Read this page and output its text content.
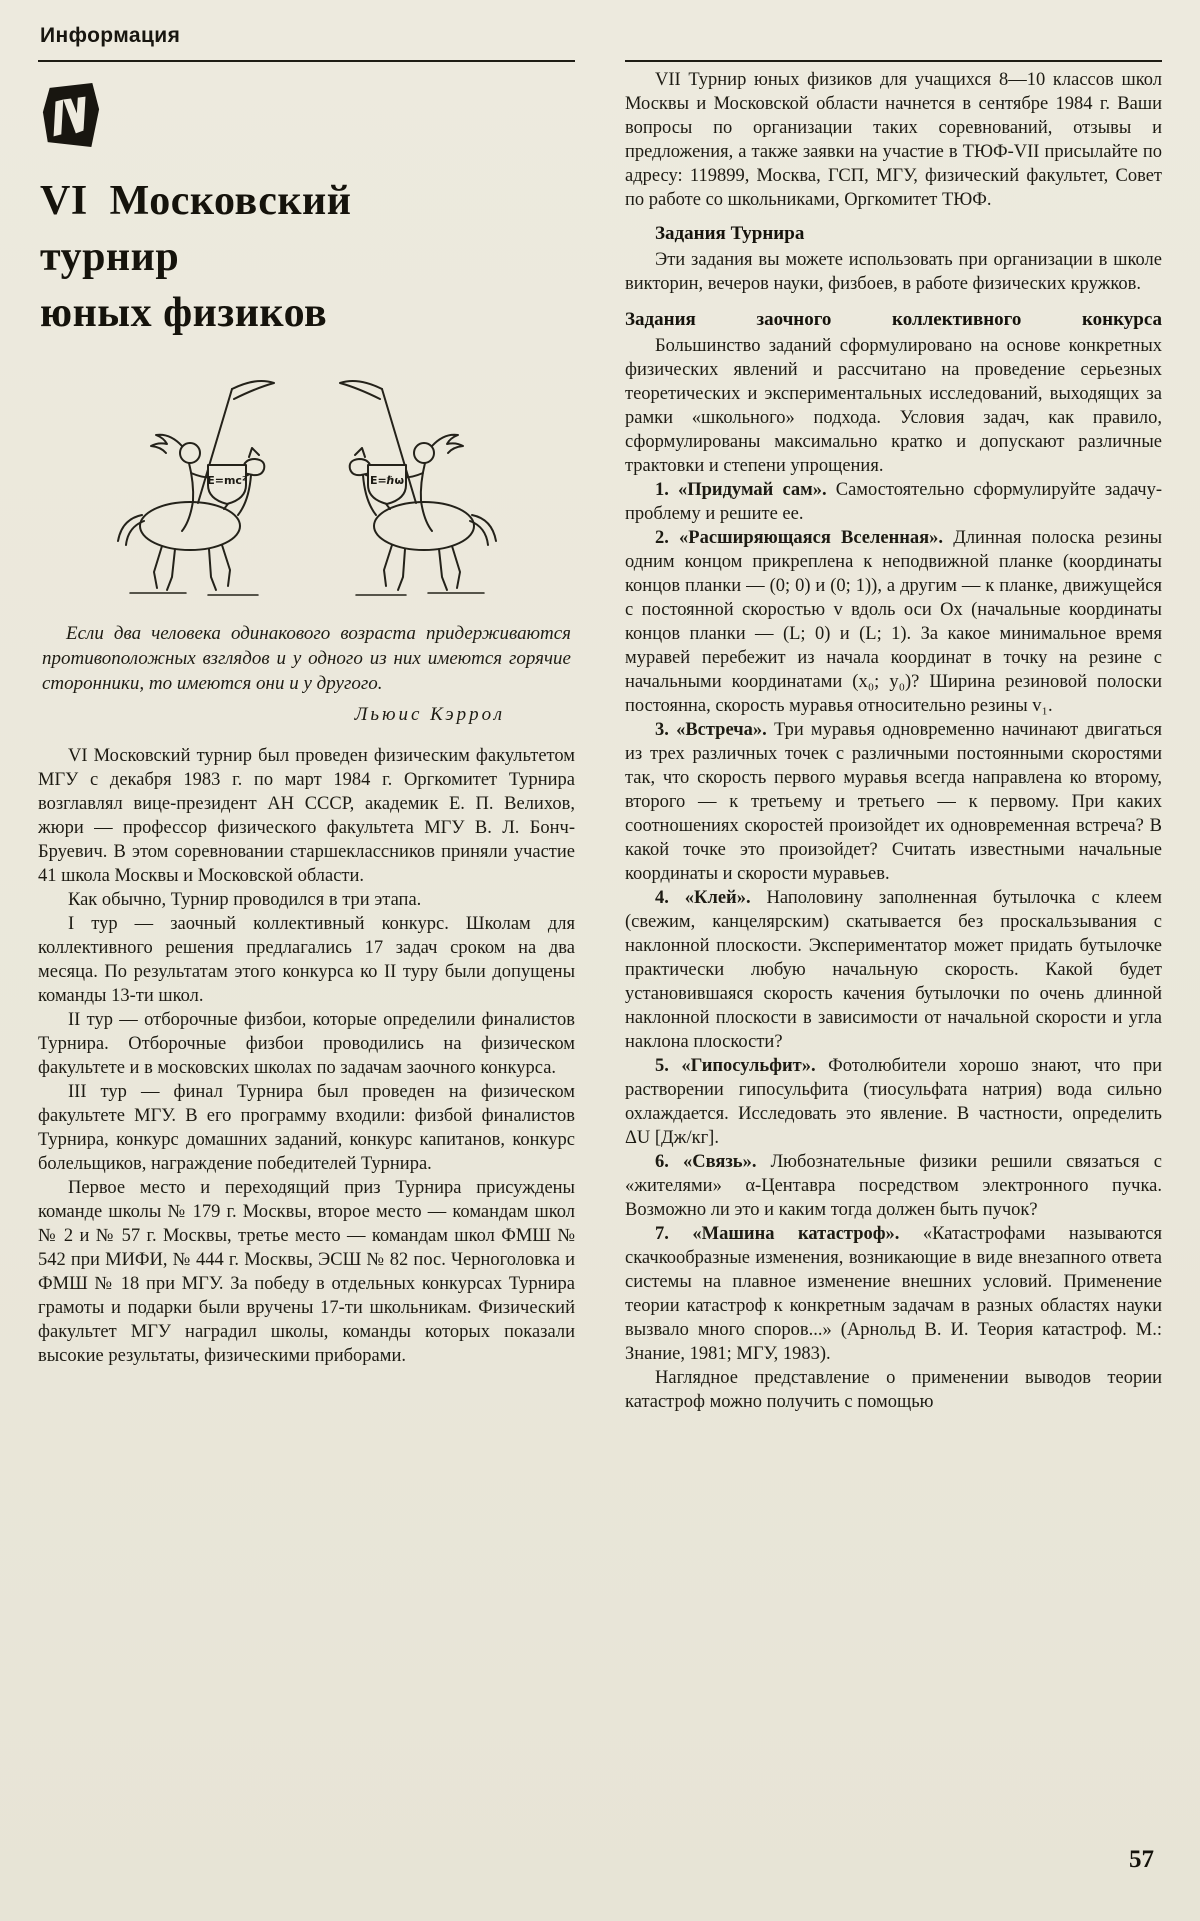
Информация
VI  Московский
турнир
юных физиков
E=mc²	E=ℏω

Если два человека одинакового возраста придерживаются противоположных взглядов и у одного из них имеются горячие сторонники, то имеются они и у другого.

Льюис Кэррол

VI Московский турнир был проведен физическим факультетом МГУ с декабря 1983 г. по март 1984 г. Оргкомитет Турнира возглавлял вице-президент АН СССР, академик Е. П. Велихов, жюри — профессор физического факультета МГУ В. Л. Бонч-Бруевич. В этом соревновании старшеклассников приняли участие 41 школа Москвы и Московской области.

Как обычно, Турнир проводился в три этапа.

I тур — заочный коллективный конкурс. Школам для коллективного решения предлагались 17 задач сроком на два месяца. По результатам этого конкурса ко II туру были допущены команды 13-ти школ.

II тур — отборочные физбои, которые определили финалистов Турнира. Отборочные физбои проводились на физическом факультете и в московских школах по задачам заочного конкурса.

III тур — финал Турнира был проведен на физическом факультете МГУ. В его программу входили: физбой финалистов Турнира, конкурс домашних заданий, конкурс капитанов, конкурс болельщиков, награждение победителей Турнира.

Первое место и переходящий приз Турнира присуждены команде школы № 179 г. Москвы, второе место — командам школ № 2 и № 57 г. Москвы, третье место — командам школ ФМШ № 542 при МИФИ, № 444 г. Москвы, ЭСШ № 82 пос. Черноголовка и ФМШ № 18 при МГУ. За победу в отдельных конкурсах Турнира грамоты и подарки были вручены 17-ти школьникам. Физический факультет МГУ наградил школы, команды которых показали высокие результаты, физическими приборами.

VII Турнир юных физиков для учащихся 8—10 классов школ Москвы и Московской области начнется в сентябре 1984 г. Ваши вопросы по организации таких соревнований, отзывы и предложения, а также заявки на участие в ТЮФ-VII присылайте по адресу: 119899, Москва, ГСП, МГУ, физический факультет, Совет по работе со школьниками, Оргкомитет ТЮФ.

Задания Турнира

Эти задания вы можете использовать при организации в школе викторин, вечеров науки, физбоев, в работе физических кружков.

Задания заочного коллективного конкурса

Большинство заданий сформулировано на основе конкретных физических явлений и рассчитано на проведение серьезных теоретических и экспериментальных исследований, выходящих за рамки «школьного» подхода. Условия задач, как правило, сформулированы максимально кратко и допускают различные трактовки и степени упрощения.

1. «Придумай сам». Самостоятельно сформулируйте задачу-проблему и решите ее.

2. «Расширяющаяся Вселенная». Длинная полоска резины одним концом прикреплена к неподвижной планке (координаты концов планки — (0; 0) и (0; 1)), а другим — к планке, движущейся с постоянной скоростью v вдоль оси Ox (начальные координаты концов планки — (L; 0) и (L; 1). За какое минимальное время муравей перебежит из начала координат в точку на резине с начальными координатами (x₀; y₀)? Ширина резиновой полоски постоянна, скорость муравья относительно резины v₁.

3. «Встреча». Три муравья одновременно начинают двигаться из трех различных точек с различными постоянными скоростями так, что скорость первого муравья всегда направлена ко второму, второго — к третьему и третьего — к первому. При каких соотношениях скоростей произойдет их одновременная встреча? В какой точке это произойдет? Считать известными начальные координаты и скорости муравьев.

4. «Клей». Наполовину заполненная бутылочка с клеем (свежим, канцелярским) скатывается без проскальзывания с наклонной плоскости. Экспериментатор может придать бутылочке практически любую начальную скорость. Какой будет установившаяся скорость качения бутылочки по очень длинной наклонной плоскости в зависимости от начальной скорости и угла наклона плоскости?

5. «Гипосульфит». Фотолюбители хорошо знают, что при растворении гипосульфита (тиосульфата натрия) вода сильно охлаждается. Исследовать это явление. В частности, определить ΔU [Дж/кг].

6. «Связь». Любознательные физики решили связаться с «жителями» α-Центавра посредством электронного пучка. Возможно ли это и каким тогда должен быть пучок?

7. «Машина катастроф». «Катастрофами называются скачкообразные изменения, возникающие в виде внезапного ответа системы на плавное изменение внешних условий. Применение теории катастроф к конкретным задачам в разных областях науки вызвало много споров...» (Арнольд В. И. Теория катастроф. М.: Знание, 1981; МГУ, 1983).

Наглядное представление о применении выводов теории катастроф можно получить с помощью

57
